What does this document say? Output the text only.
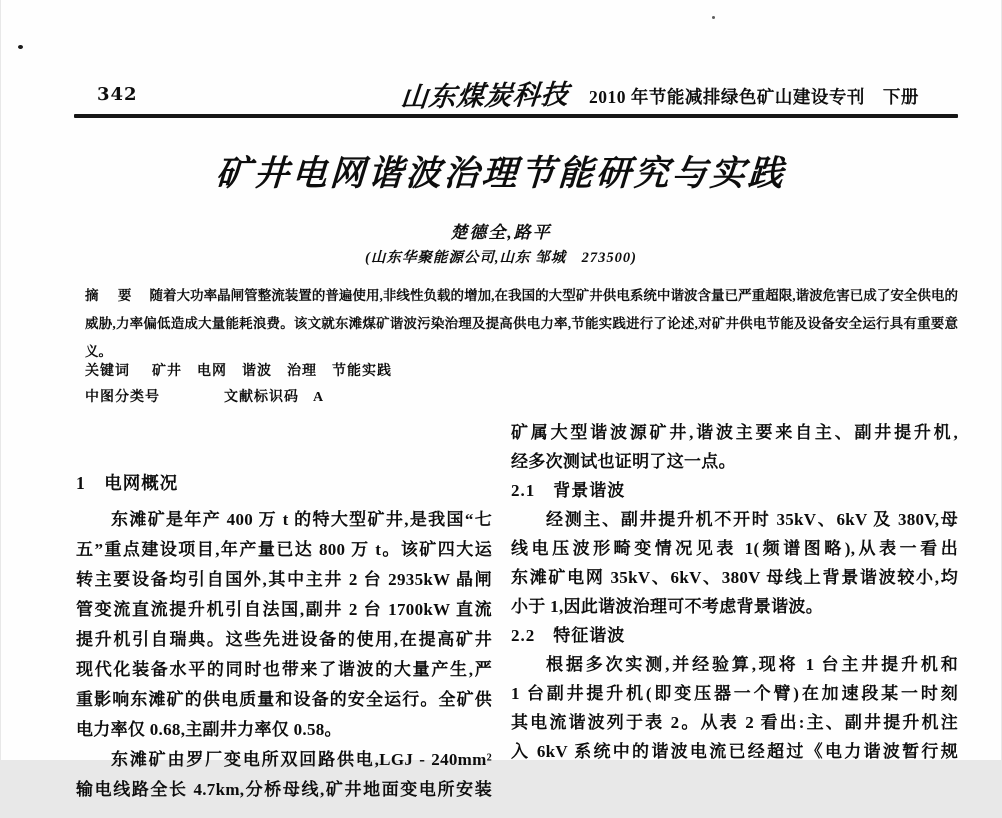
342	山东煤炭科技 2010 年节能减排绿色矿山建设专刊　下册
矿井电网谐波治理节能研究与实践
楚德全,路平
(山东华聚能源公司,山东 邹城　273500)
摘 要 随着大功率晶闸管整流装置的普遍使用,非线性负载的增加,在我国的大型矿井供电系统中谐波含量已严重超限,谐波危害已成了安全供电的威胁,力率偏低造成大量能耗浪费。该文就东滩煤矿谐波污染治理及提高供电力率,节能实践进行了论述,对矿井供电节能及设备安全运行具有重要意义。
关键词 矿井　电网　谐波　治理　节能实践
中图分类号	文献标识码 A
1　电网概况
东滩矿是年产 400 万 t 的特大型矿井,是我国“七
五”重点建设项目,年产量已达 800 万 t。该矿四大运
转主要设备均引自国外,其中主井 2 台 2935kW 晶闸
管变流直流提升机引自法国,副井 2 台 1700kW 直流
提升机引自瑞典。这些先进设备的使用,在提高矿井
现代化装备水平的同时也带来了谐波的大量产生,严
重影响东滩矿的供电质量和设备的安全运行。全矿供
电力率仅 0.68,主副井力率仅 0.58。
东滩矿由罗厂变电所双回路供电,LGJ - 240mm²
输电线路全长 4.7km,分桥母线,矿井地面变电所安装
矿属大型谐波源矿井,谐波主要来自主、副井提升机,
经多次测试也证明了这一点。
2.1　背景谐波
经测主、副井提升机不开时 35kV、6kV 及 380V,母
线电压波形畸变情况见表 1(频谱图略),从表一看出
东滩矿电网 35kV、6kV、380V 母线上背景谐波较小,均
小于 1,因此谐波治理可不考虑背景谐波。
2.2　特征谐波
根据多次实测,并经验算,现将 1 台主井提升机和
1 台副井提升机(即变压器一个臂)在加速段某一时刻
其电流谐波列于表 2。从表 2 看出:主、副井提升机注
入 6kV 系统中的谐波电流已经超过《电力谐波暂行规
